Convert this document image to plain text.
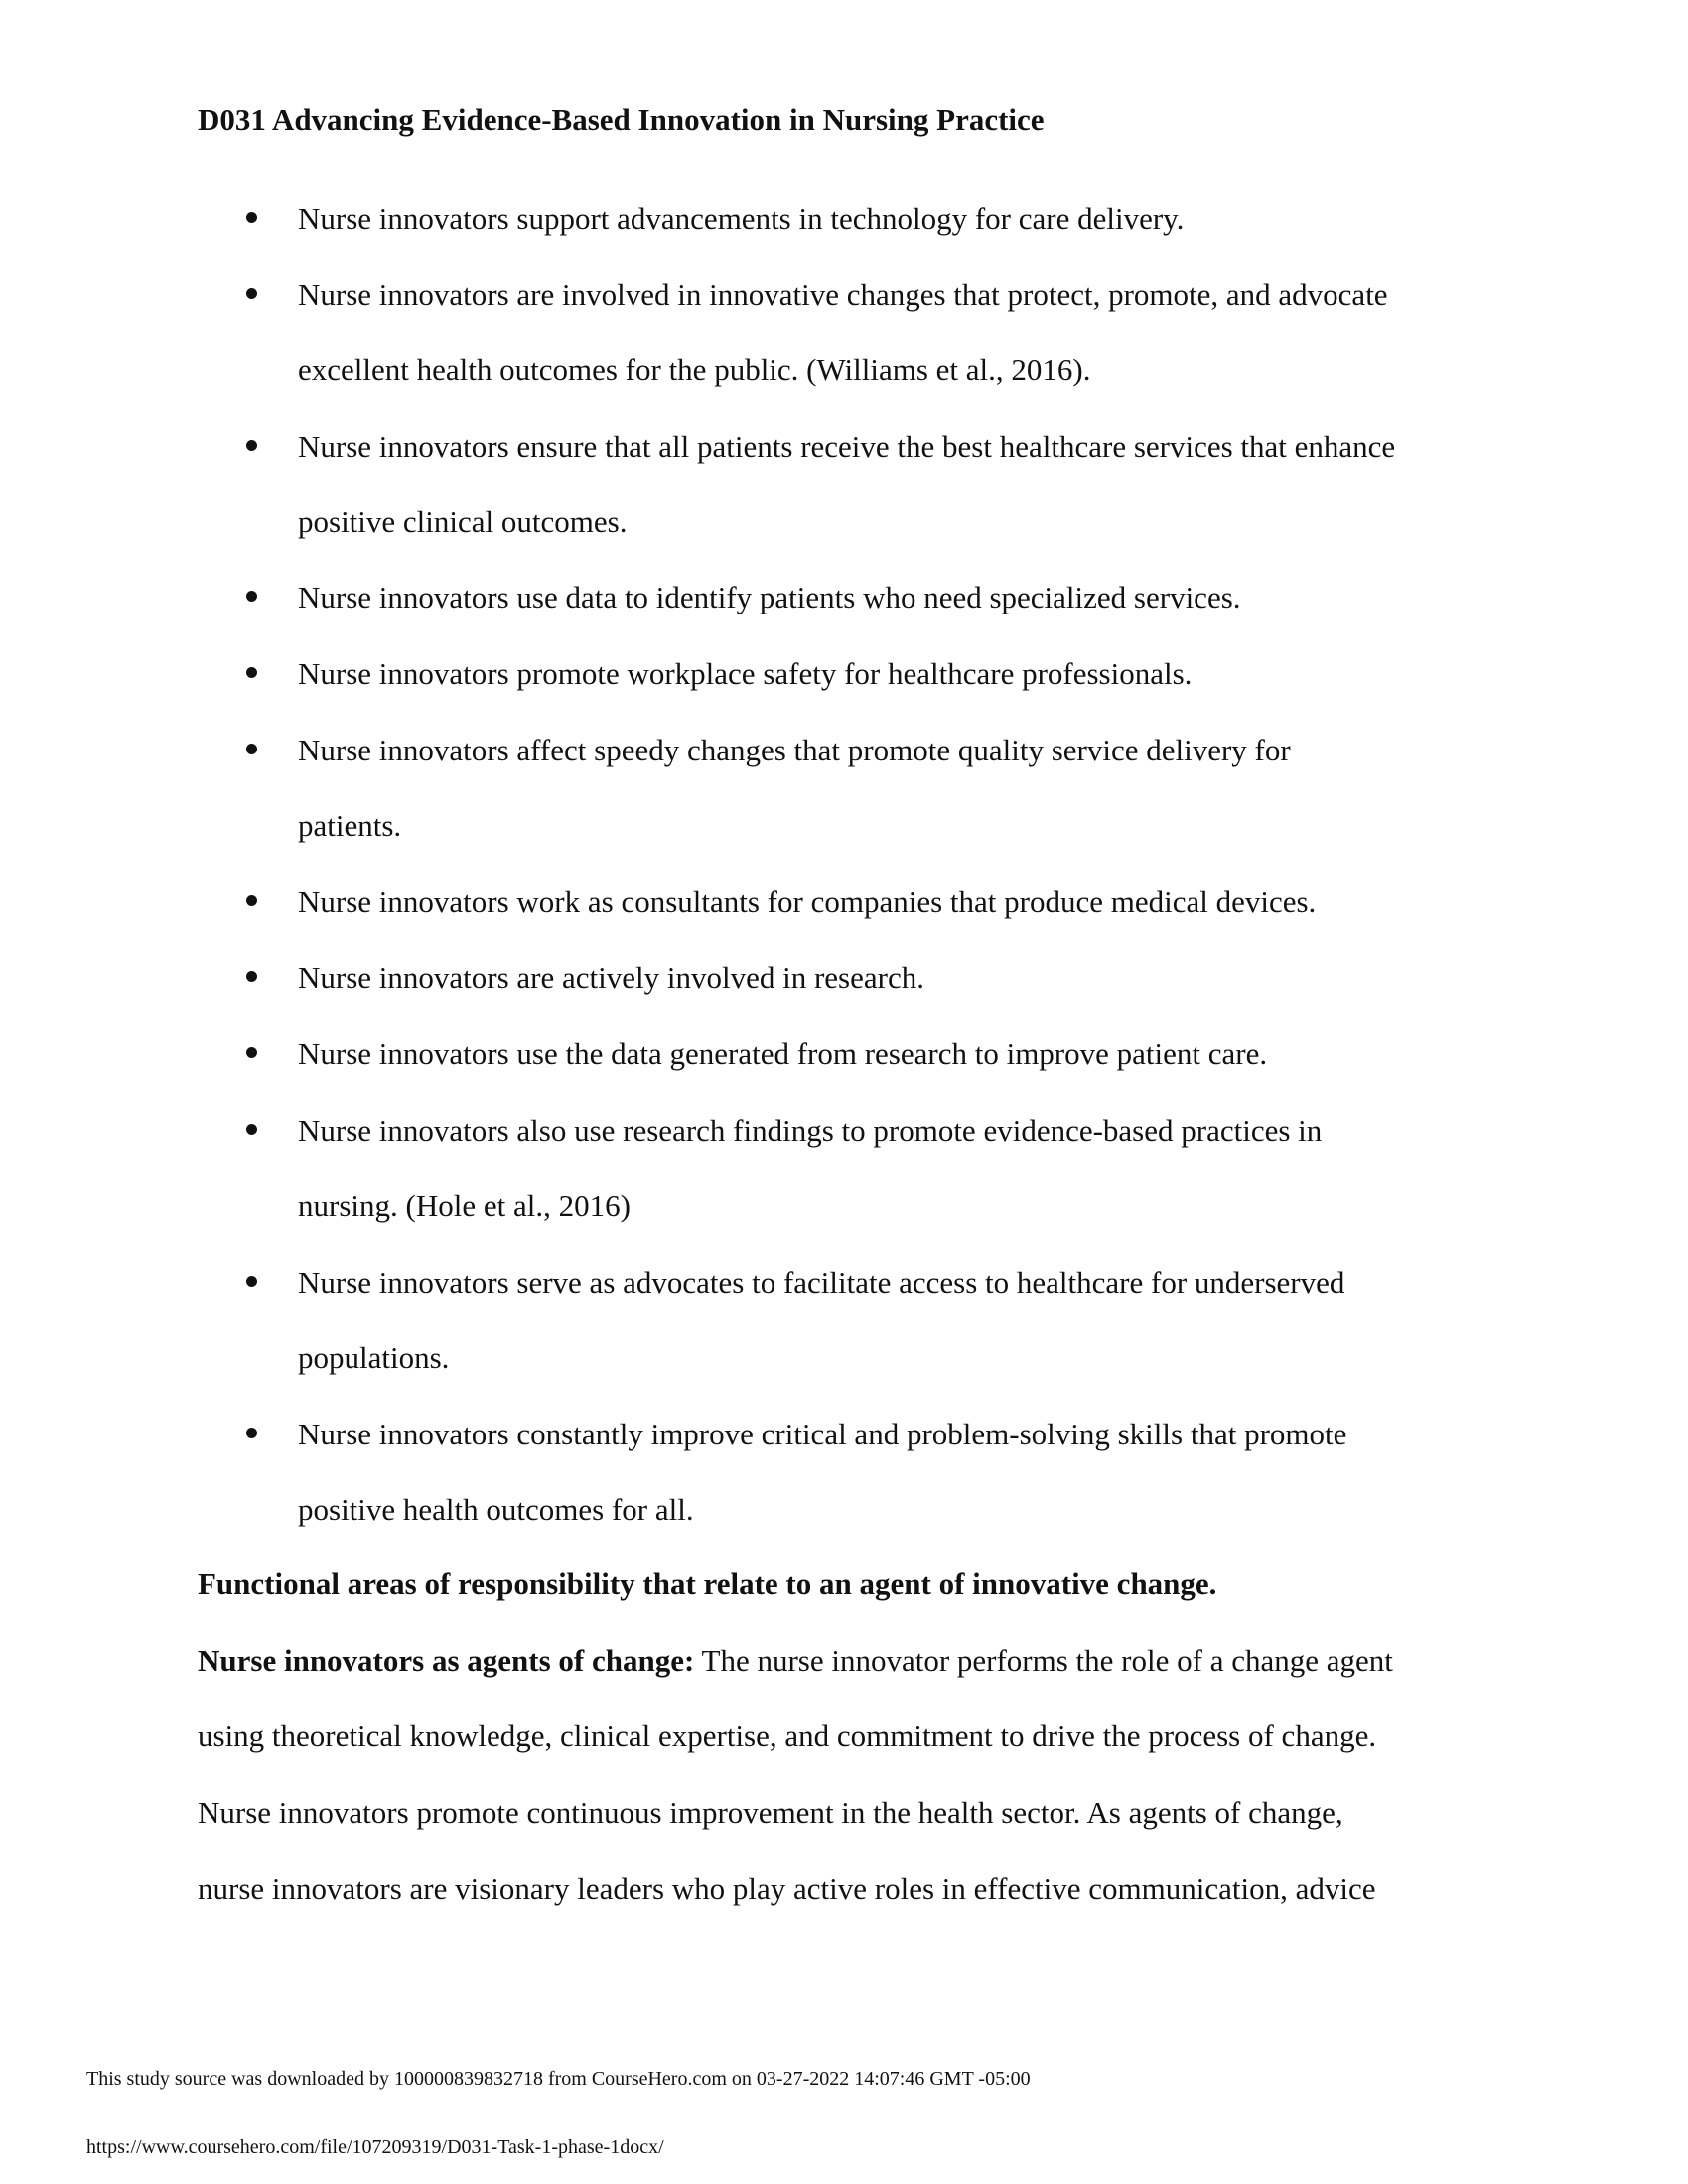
D031 Advancing Evidence-Based Innovation in Nursing Practice
Nurse innovators support advancements in technology for care delivery.
Nurse innovators are involved in innovative changes that protect, promote, and advocate
excellent health outcomes for the public. (Williams et al., 2016).
Nurse innovators ensure that all patients receive the best healthcare services that enhance
positive clinical outcomes.
Nurse innovators use data to identify patients who need specialized services.
Nurse innovators promote workplace safety for healthcare professionals.
Nurse innovators affect speedy changes that promote quality service delivery for
patients.
Nurse innovators work as consultants for companies that produce medical devices.
Nurse innovators are actively involved in research.
Nurse innovators use the data generated from research to improve patient care.
Nurse innovators also use research findings to promote evidence-based practices in
nursing. (Hole et al., 2016)
Nurse innovators serve as advocates to facilitate access to healthcare for underserved
populations.
Nurse innovators constantly improve critical and problem-solving skills that promote
positive health outcomes for all.
Functional areas of responsibility that relate to an agent of innovative change.
Nurse innovators as agents of change: The nurse innovator performs the role of a change agent
using theoretical knowledge, clinical expertise, and commitment to drive the process of change.
Nurse innovators promote continuous improvement in the health sector. As agents of change,
nurse innovators are visionary leaders who play active roles in effective communication, advice
This study source was downloaded by 100000839832718 from CourseHero.com on 03-27-2022 14:07:46 GMT -05:00
https://www.coursehero.com/file/107209319/D031-Task-1-phase-1docx/
